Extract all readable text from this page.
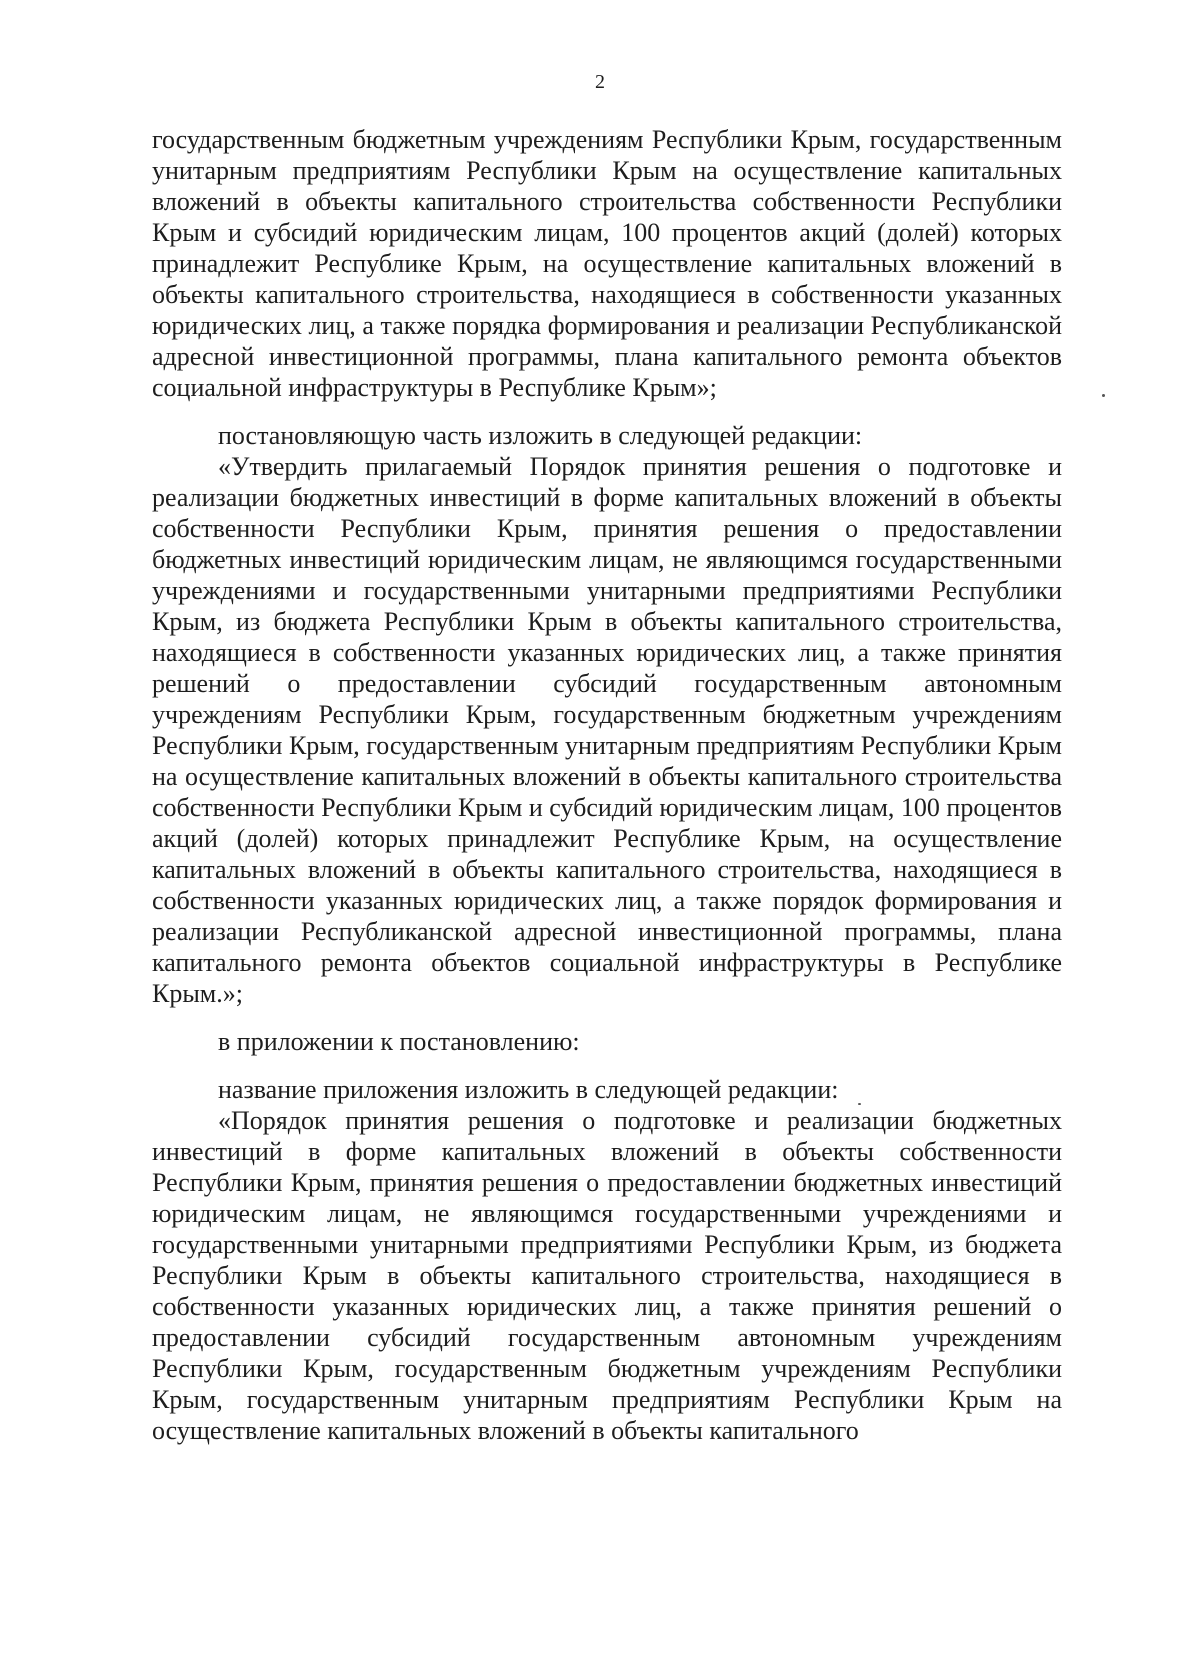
2

государственным бюджетным учреждениям Республики Крым, государственным унитарным предприятиям Республики Крым на осуществление капитальных вложений в объекты капитального строительства собственности Республики Крым и субсидий юридическим лицам, 100 процентов акций (долей) которых принадлежит Республике Крым, на осуществление капитальных вложений в объекты капитального строительства, находящиеся в собственности указанных юридических лиц, а также порядка формирования и реализации Республиканской адресной инвестиционной программы, плана капитального ремонта объектов социальной инфраструктуры в Республике Крым»;

постановляющую часть изложить в следующей редакции:

«Утвердить прилагаемый Порядок принятия решения о подготовке и реализации бюджетных инвестиций в форме капитальных вложений в объекты собственности Республики Крым, принятия решения о предоставлении бюджетных инвестиций юридическим лицам, не являющимся государственными учреждениями и государственными унитарными предприятиями Республики Крым, из бюджета Республики Крым в объекты капитального строительства, находящиеся в собственности указанных юридических лиц, а также принятия решений о предоставлении субсидий государственным автономным учреждениям Республики Крым, государственным бюджетным учреждениям Республики Крым, государственным унитарным предприятиям Республики Крым на осуществление капитальных вложений в объекты капитального строительства собственности Республики Крым и субсидий юридическим лицам, 100 процентов акций (долей) которых принадлежит Республике Крым, на осуществление капитальных вложений в объекты капитального строительства, находящиеся в собственности указанных юридических лиц, а также порядок формирования и реализации Республиканской адресной инвестиционной программы, плана капитального ремонта объектов социальной инфраструктуры в Республике Крым.»;

в приложении к постановлению:

название приложения изложить в следующей редакции:

«Порядок принятия решения о подготовке и реализации бюджетных инвестиций в форме капитальных вложений в объекты собственности Республики Крым, принятия решения о предоставлении бюджетных инвестиций юридическим лицам, не являющимся государственными учреждениями и государственными унитарными предприятиями Республики Крым, из бюджета Республики Крым в объекты капитального строительства, находящиеся в собственности указанных юридических лиц, а также принятия решений о предоставлении субсидий государственным автономным учреждениям Республики Крым, государственным бюджетным учреждениям Республики Крым, государственным унитарным предприятиям Республики Крым на осуществление капитальных вложений в объекты капитального
